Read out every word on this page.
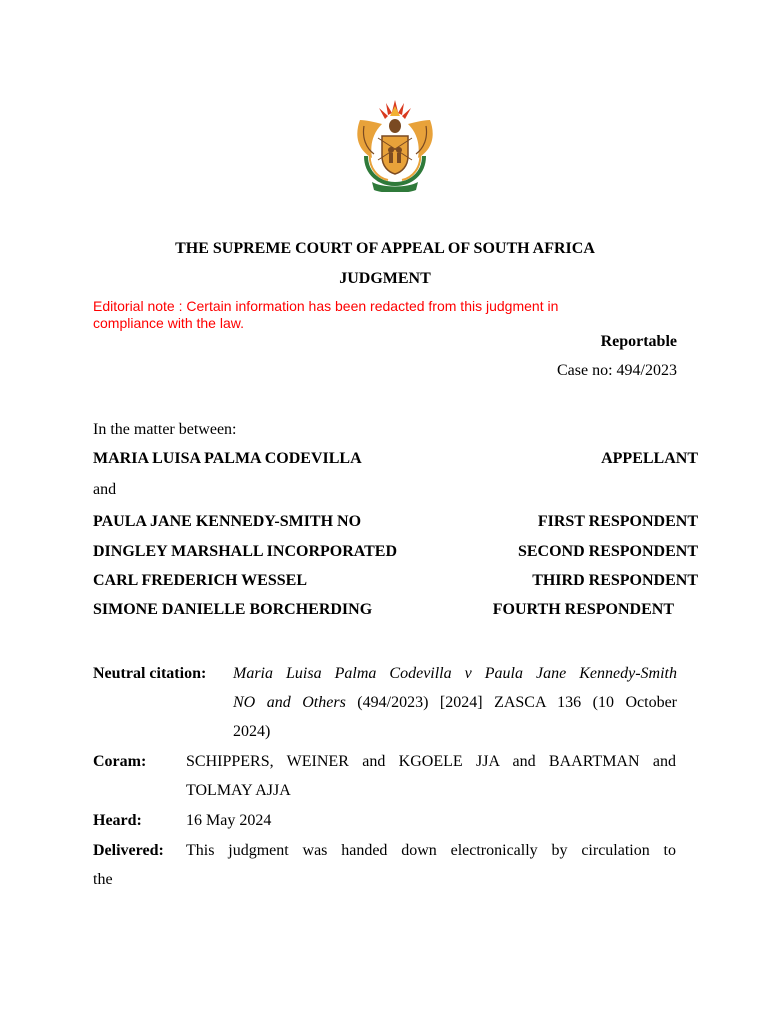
THE SUPREME COURT OF APPEAL OF SOUTH AFRICA
JUDGMENT
Editorial note : Certain information has been redacted from this judgment in
compliance with the law.
Reportable
Case no: 494/2023
In the matter between:
MARIA LUISA PALMA CODEVILLA	APPELLANT
and
PAULA JANE KENNEDY-SMITH NO	FIRST RESPONDENT
DINGLEY MARSHALL INCORPORATED	SECOND RESPONDENT
CARL FREDERICH WESSEL	THIRD RESPONDENT
SIMONE DANIELLE BORCHERDING	FOURTH RESPONDENT
Neutral citation: Maria Luisa Palma Codevilla v Paula Jane Kennedy-Smith
NO and Others (494/2023) [2024] ZASCA 136 (10 October
2024)
Coram: SCHIPPERS, WEINER and KGOELE JJA and BAARTMAN and
TOLMAY AJJA
Heard:	16 May 2024
Delivered: This judgment was handed down electronically by circulation to
the
